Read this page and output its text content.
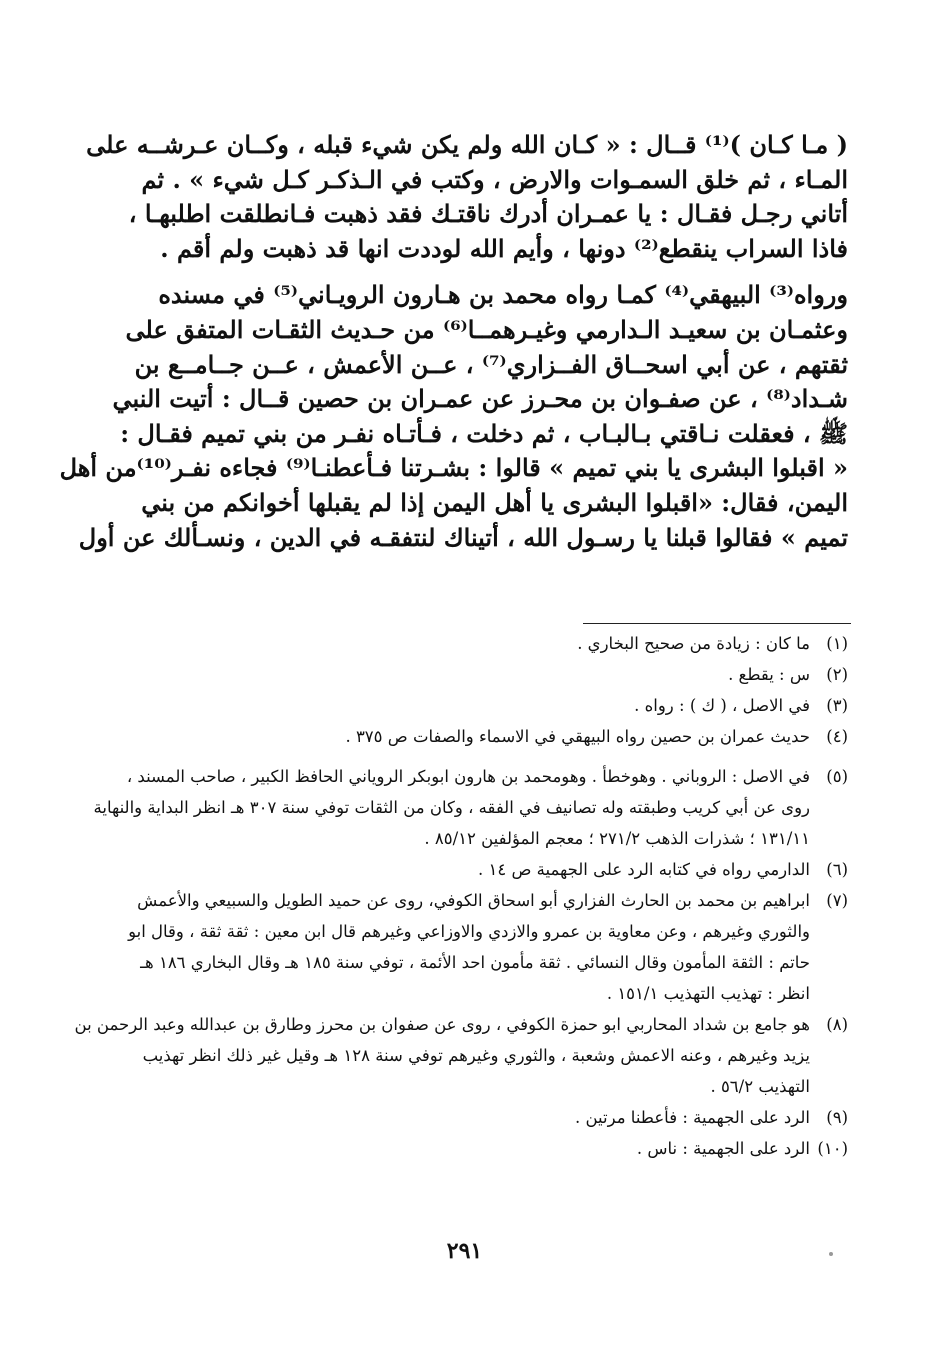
( مـا كـان )⁽¹⁾ قــال : « كـان الله ولم يكن شيء قبله ، وكــان عـرشــه على
المـاء ، ثم خلق السمـوات والارض ، وكتب في الـذكـر كـل شيء » . ثم
أتاني رجـل فقـال : يا عمـران أدرك ناقتـك فقد ذهبت فـانطلقت اطلبهـا ،
فاذا السراب ينقطع⁽²⁾ دونها ، وأيم الله لوددت انها قد ذهبت ولم أقم .

ورواه⁽³⁾ البيهقي⁽⁴⁾ كمـا رواه محمد بن هـارون الرويـاني⁽⁵⁾ في مسنده
وعثمـان بن سعيـد الـدارمي وغيـرهمــا⁽⁶⁾ من حـديث الثقـات المتفق على
ثقتهم ، عن أبي اسحــاق الفــزاري⁽⁷⁾ ، عــن الأعمش ، عــن جــامــع بن
شـداد⁽⁸⁾ ، عن صفـوان بن محـرز عن عمـران بن حصين قــال : أتيت النبي
ﷺ ، فعقلت نـاقتي بـالبـاب ، ثم دخلت ، فـأتـاه نفـر من بني تميم فقـال :
« اقبلوا البشرى يا بني تميم » قالوا : بشـرتنا فـأعطنـا⁽⁹⁾ فجاءه نفـر⁽¹⁰⁾من أهل
اليمن، فقال: «اقبلوا البشرى يا أهل اليمن إذا لم يقبلها أخوانكم من بني
تميم » فقالوا قبلنا يا رسـول الله ، أتيناك لنتفقـه في الدين ، ونسـألك عن أول

(١)
ما كان : زيادة من صحيح البخاري .
(٢)
س : يقطع .
(٣)
في الاصل ، ( ك ) : رواه .
(٤)
حديث عمران بن حصين رواه البيهقي في الاسماء والصفات ص ٣٧٥ .
(٥)
في الاصل : الروباني . وهوخطأ . وهومحمد بن هارون ابوبكر الروياني الحافظ الكبير ، صاحب المسند ،
روى عن أبي كريب وطبقته وله تصانيف في الفقه ، وكان من الثقات توفي سنة ٣٠٧ هـ انظر البداية والنهاية
١٣١/١١ ؛ شذرات الذهب ٢٧١/٢ ؛ معجم المؤلفين ٨٥/١٢ .
(٦)
الدارمي رواه في كتابه الرد على الجهمية ص ١٤ .
(٧)
ابراهيم بن محمد بن الحارث الفزاري أبو اسحاق الكوفي، روى عن حميد الطويل والسبيعي والأعمش
والثوري وغيرهم ، وعن معاوية بن عمرو والازدي والاوزاعي وغيرهم قال ابن معين : ثقة ثقة ، وقال ابو
حاتم : الثقة المأمون وقال النسائي . ثقة مأمون احد الأئمة ، توفي سنة ١٨٥ هـ وقال البخاري ١٨٦ هـ
انظر : تهذيب التهذيب ١٥١/١ .
(٨)
هو جامع بن شداد المحاربي ابو حمزة الكوفي ، روى عن صفوان بن محرز وطارق بن عبدالله وعبد الرحمن بن
يزيد وغيرهم ، وعنه الاعمش وشعبة ، والثوري وغيرهم توفي سنة ١٢٨ هـ وقيل غير ذلك انظر تهذيب
التهذيب ٥٦/٢ .
(٩)
الرد على الجهمية : فأعطنا مرتين .
(١٠)
الرد على الجهمية : ناس .
٢٩١
